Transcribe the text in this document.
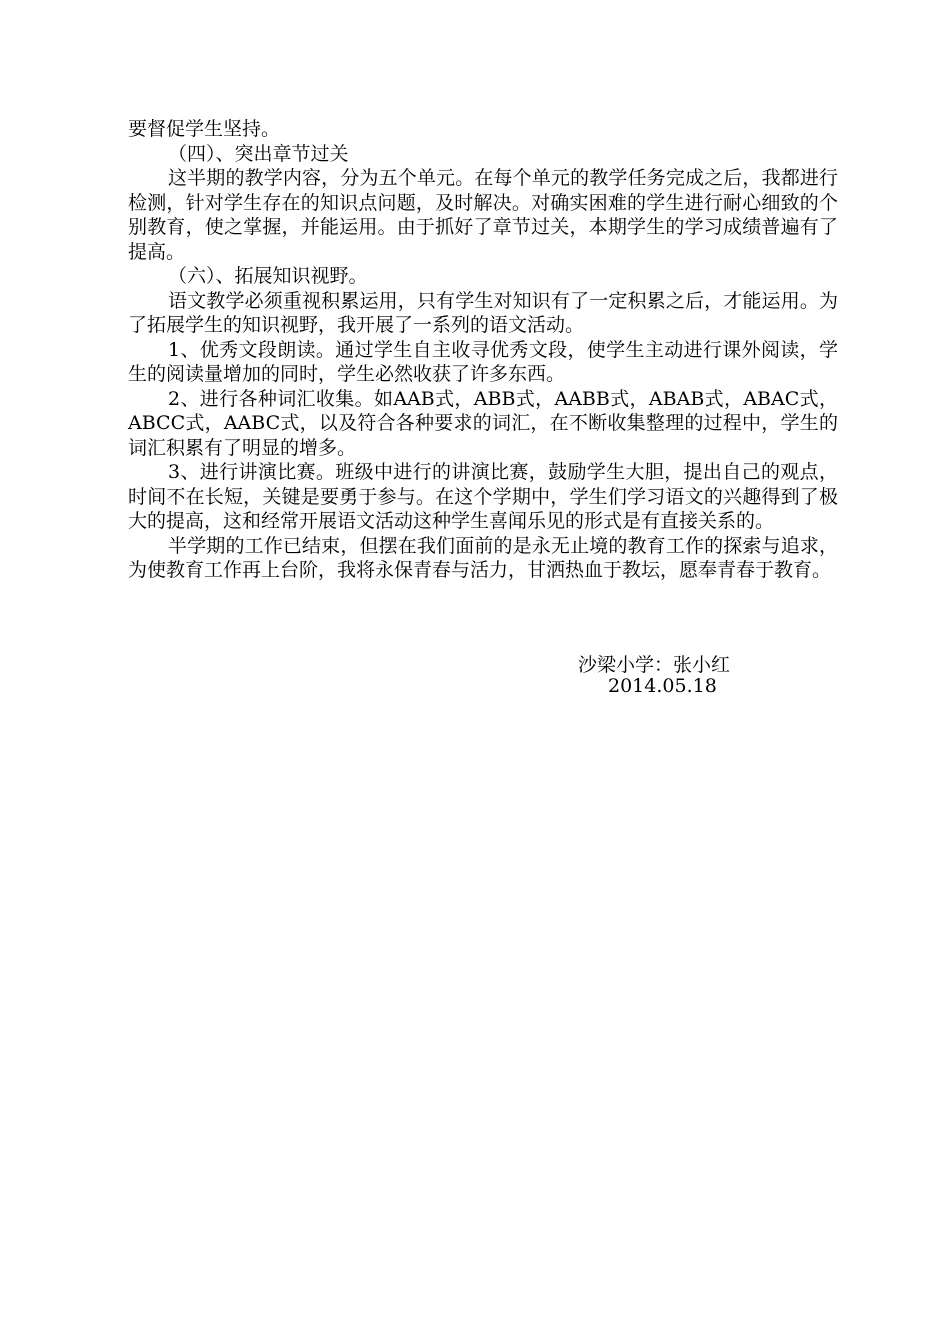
要督促学生坚持。

（四）、突出章节过关

这半期的教学内容，分为五个单元。在每个单元的教学任务完成之后，我都进行检测，针对学生存在的知识点问题，及时解决。对确实困难的学生进行耐心细致的个别教育，使之掌握，并能运用。由于抓好了章节过关，本期学生的学习成绩普遍有了提高。

（六）、拓展知识视野。

语文教学必须重视积累运用，只有学生对知识有了一定积累之后，才能运用。为了拓展学生的知识视野，我开展了一系列的语文活动。

1、优秀文段朗读。通过学生自主收寻优秀文段，使学生主动进行课外阅读，学生的阅读量增加的同时，学生必然收获了许多东西。

2、进行各种词汇收集。如AAB式，ABB式，AABB式，ABAB式，ABAC式，ABCC式，AABC式，以及符合各种要求的词汇，在不断收集整理的过程中，学生的词汇积累有了明显的增多。

3、进行讲演比赛。班级中进行的讲演比赛，鼓励学生大胆，提出自己的观点，时间不在长短，关键是要勇于参与。在这个学期中，学生们学习语文的兴趣得到了极大的提高，这和经常开展语文活动这种学生喜闻乐见的形式是有直接关系的。

半学期的工作已结束，但摆在我们面前的是永无止境的教育工作的探索与追求，为使教育工作再上台阶，我将永保青春与活力，甘洒热血于教坛，愿奉青春于教育。

沙梁小学：张小红
2014.05.18
